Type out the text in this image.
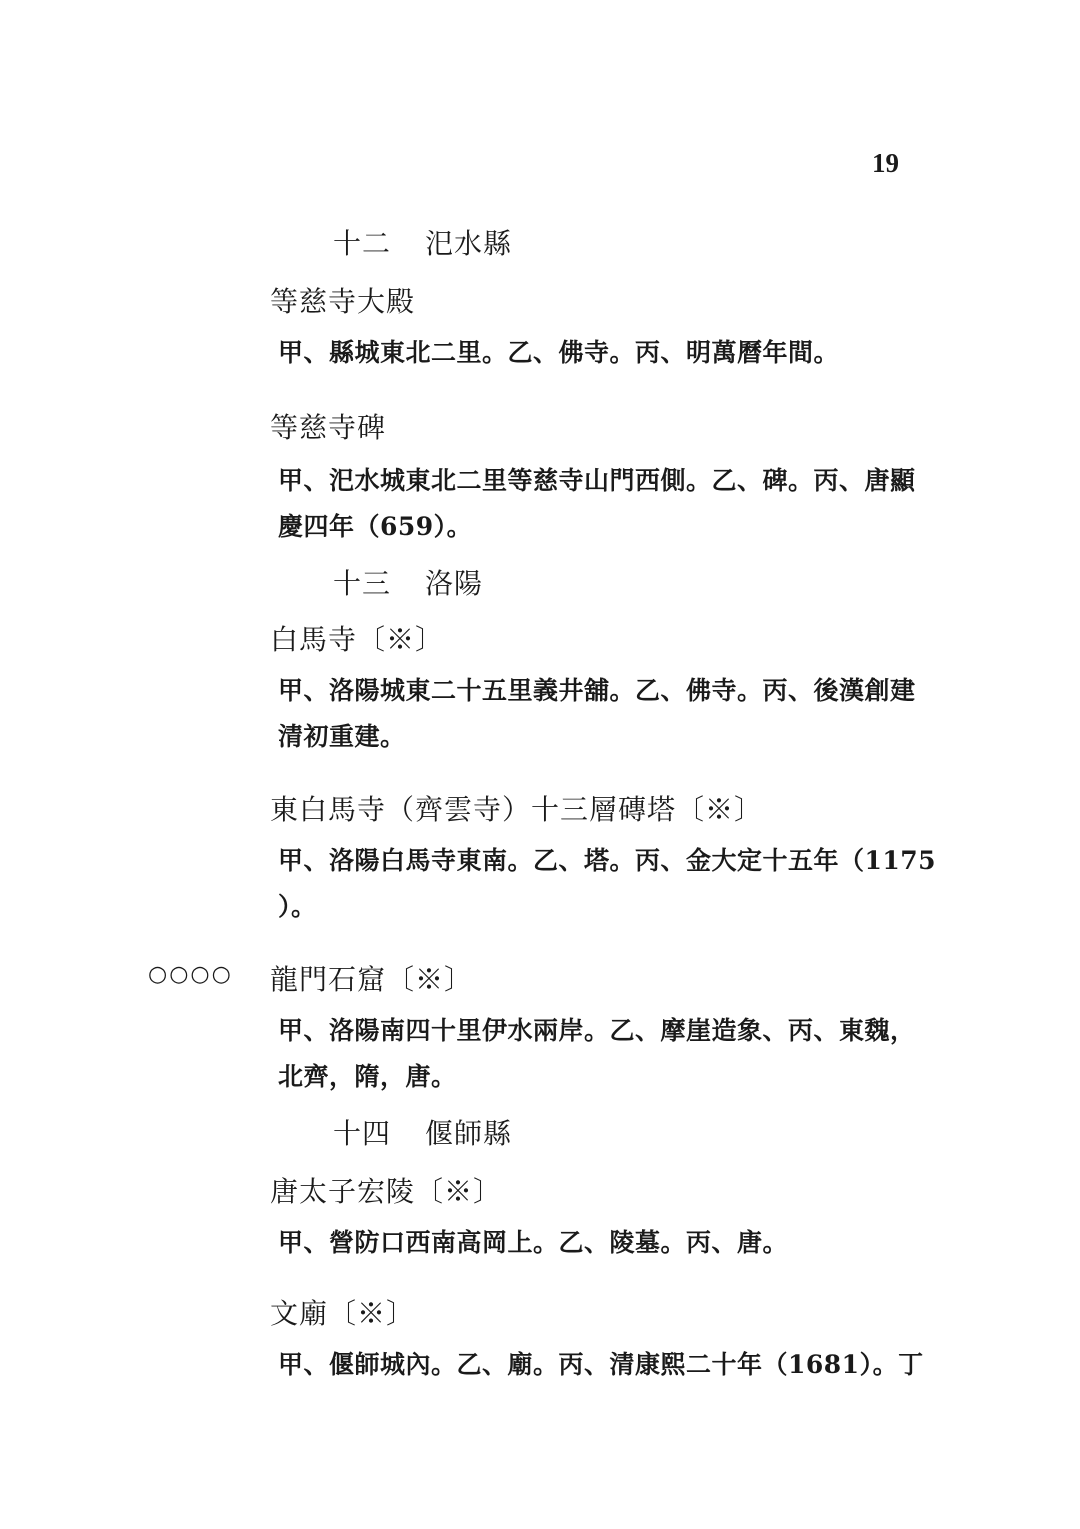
19
十二 汜水縣
等慈寺大殿
甲、縣城東北二里。乙、佛寺。丙、明萬曆年間。
等慈寺碑
甲、汜水城東北二里等慈寺山門西側。乙、碑。丙、唐顯
慶四年（659）。
十三 洛陽
白馬寺〔※〕
甲、洛陽城東二十五里義井舖。乙、佛寺。丙、後漢創建
清初重建。
東白馬寺（齊雲寺）十三層磚塔〔※〕
甲、洛陽白馬寺東南。乙、塔。丙、金大定十五年（1175
）。
○○○○ 龍門石窟〔※〕
甲、洛陽南四十里伊水兩岸。乙、摩崖造象、丙、東魏，
北齊，隋，唐。
十四 偃師縣
唐太子宏陵〔※〕
甲、營防口西南高岡上。乙、陵墓。丙、唐。
文廟〔※〕
甲、偃師城內。乙、廟。丙、清康熙二十年（1681）。丁
